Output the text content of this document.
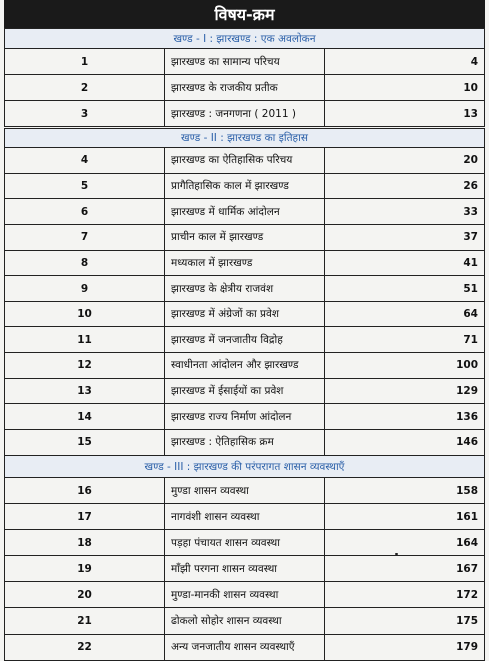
विषय-क्रम
खण्ड - I : झारखण्ड : एक अवलोकन		
1	झारखण्ड का सामान्य परिचय	4
2	झारखण्ड के राजकीय प्रतीक	10
3	झारखण्ड : जनगणना ( 2011 )	13
खण्ड - II : झारखण्ड का इतिहास		
4	झारखण्ड का ऐतिहासिक परिचय	20
5	प्रागैतिहासिक काल में झारखण्ड	26
6	झारखण्ड में धार्मिक आंदोलन	33
7	प्राचीन काल में झारखण्ड	37
8	मध्यकाल में झारखण्ड	41
9	झारखण्ड के क्षेत्रीय राजवंश	51
10	झारखण्ड में अंग्रेजों का प्रवेश	64
11	झारखण्ड में जनजातीय विद्रोह	71
12	स्वाधीनता आंदोलन और झारखण्ड	100
13	झारखण्ड में ईसाईयों का प्रवेश	129
14	झारखण्ड राज्य निर्माण आंदोलन	136
15	झारखण्ड : ऐतिहासिक क्रम	146
खण्ड - III : झारखण्ड की परंपरागत शासन व्यवस्थाएँ		
16	मुण्डा शासन व्यवस्था	158
17	नागवंशी शासन व्यवस्था	161
18	पड़हा पंचायत शासन व्यवस्था	164
19	माँझी परगना शासन व्यवस्था	167
20	मुण्डा-मानकी शासन व्यवस्था	172
21	ढोकलो सोहोर शासन व्यवस्था	175
22	अन्य जनजातीय शासन व्यवस्थाएँ	179
